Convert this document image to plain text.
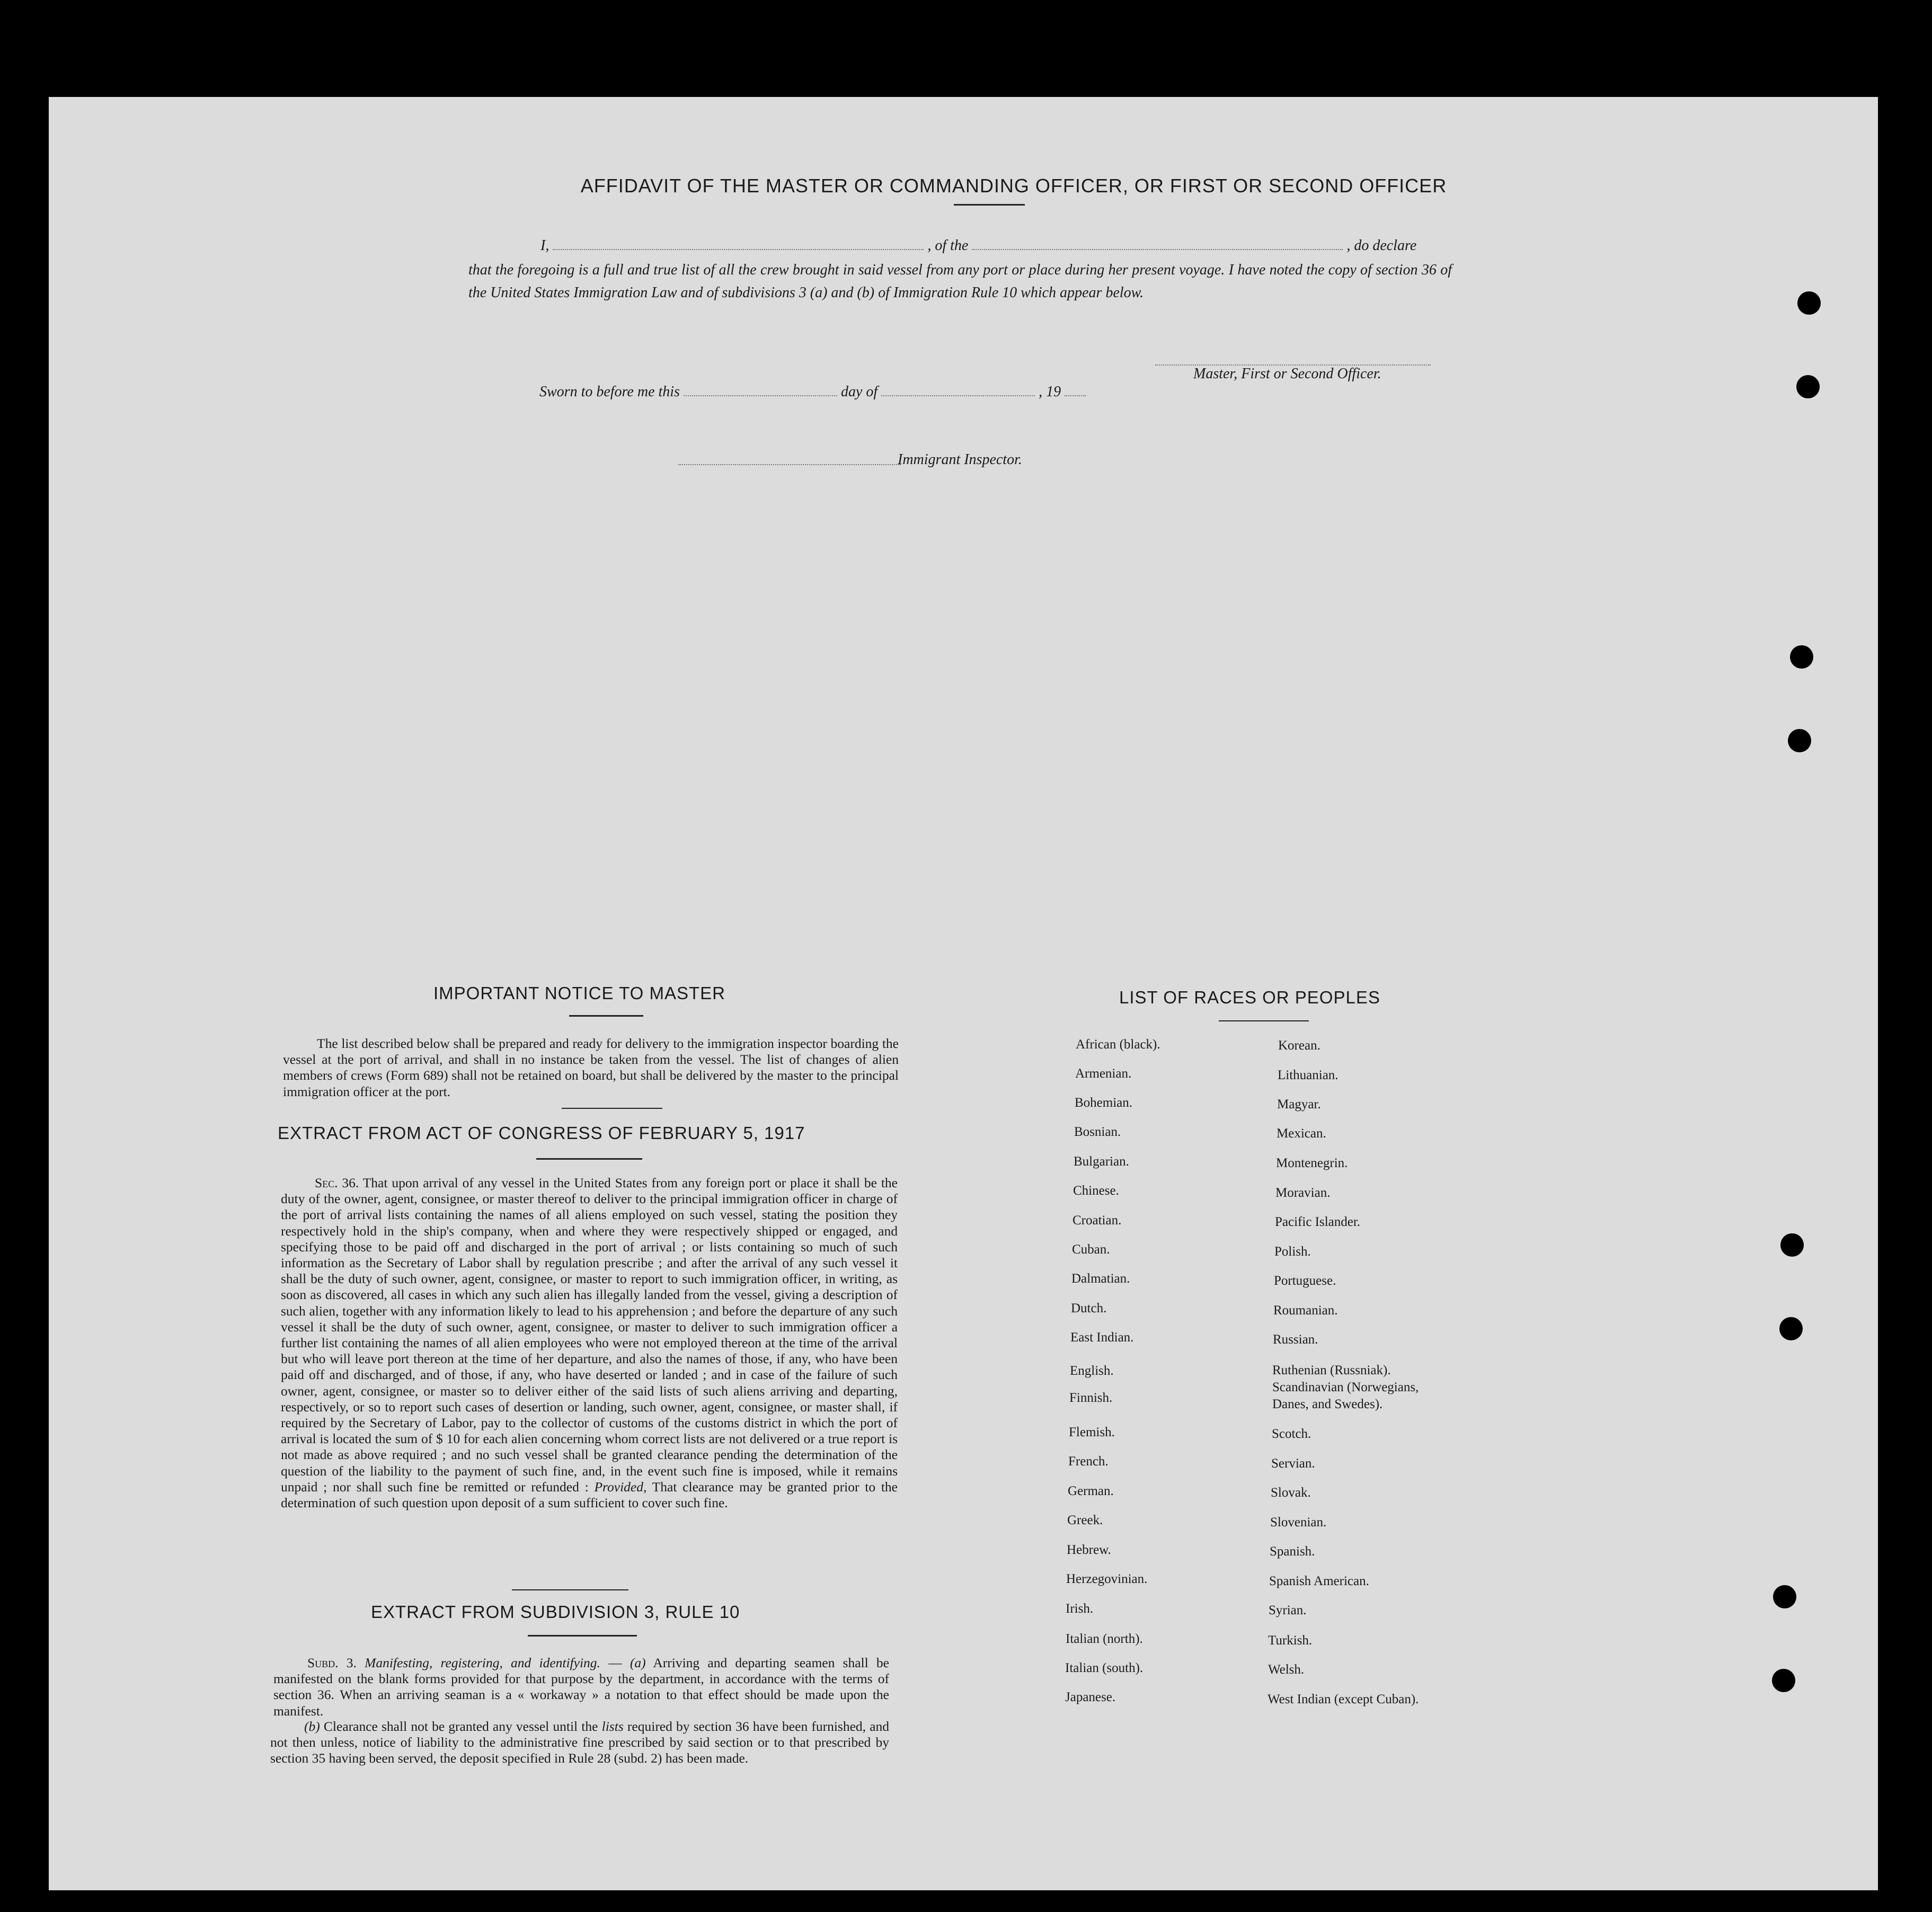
AFFIDAVIT OF THE MASTER OR COMMANDING OFFICER, OR FIRST OR SECOND OFFICER
I,	, of the	, do declare
that the foregoing is a full and true list of all the crew brought in said vessel from any port or place during her present voyage. I have noted the copy of section 36 of the United States Immigration Law and of subdivisions 3 (a) and (b) of Immigration Rule 10 which appear below.
Master, First or Second Officer.
Sworn to before me this	day of	, 19
Immigrant Inspector.
IMPORTANT NOTICE TO MASTER
The list described below shall be prepared and ready for delivery to the immigration inspector boarding the vessel at the port of arrival, and shall in no instance be taken from the vessel. The list of changes of alien members of crews (Form 689) shall not be retained on board, but shall be delivered by the master to the principal immigration officer at the port.
EXTRACT FROM ACT OF CONGRESS OF FEBRUARY 5, 1917
Sec. 36. That upon arrival of any vessel in the United States from any foreign port or place it shall be the duty of the owner, agent, consignee, or master thereof to deliver to the principal immigration officer in charge of the port of arrival lists containing the names of all aliens employed on such vessel, stating the position they respectively hold in the ship's company, when and where they were respectively shipped or engaged, and specifying those to be paid off and discharged in the port of arrival ; or lists containing so much of such information as the Secretary of Labor shall by regulation prescribe ; and after the arrival of any such vessel it shall be the duty of such owner, agent, consignee, or master to report to such immigration officer, in writing, as soon as discovered, all cases in which any such alien has illegally landed from the vessel, giving a description of such alien, together with any information likely to lead to his apprehension ; and before the departure of any such vessel it shall be the duty of such owner, agent, consignee, or master to deliver to such immigration officer a further list containing the names of all alien employees who were not employed thereon at the time of the arrival but who will leave port thereon at the time of her departure, and also the names of those, if any, who have been paid off and discharged, and of those, if any, who have deserted or landed ; and in case of the failure of such owner, agent, consignee, or master so to deliver either of the said lists of such aliens arriving and departing, respectively, or so to report such cases of desertion or landing, such owner, agent, consignee, or master shall, if required by the Secretary of Labor, pay to the collector of customs of the customs district in which the port of arrival is located the sum of $ 10 for each alien concerning whom correct lists are not delivered or a true report is not made as above required ; and no such vessel shall be granted clearance pending the determination of the question of the liability to the payment of such fine, and, in the event such fine is imposed, while it remains unpaid ; nor shall such fine be remitted or refunded : Provided, That clearance may be granted prior to the determination of such question upon deposit of a sum sufficient to cover such fine.
EXTRACT FROM SUBDIVISION 3, RULE 10
Subd. 3. Manifesting, registering, and identifying. — (a) Arriving and departing seamen shall be manifested on the blank forms provided for that purpose by the department, in accordance with the terms of section 36. When an arriving seaman is a « workaway » a notation to that effect should be made upon the manifest.
(b) Clearance shall not be granted any vessel until the lists required by section 36 have been furnished, and not then unless, notice of liability to the administrative fine prescribed by said section or to that prescribed by section 35 having been served, the deposit specified in Rule 28 (subd. 2) has been made.
LIST OF RACES OR PEOPLES
African (black).
Armenian.
Bohemian.
Bosnian.
Bulgarian.
Chinese.
Croatian.
Cuban.
Dalmatian.
Dutch.
East Indian.
English.
Finnish.
Flemish.
French.
German.
Greek.
Hebrew.
Herzegovinian.
Irish.
Italian (north).
Italian (south).
Japanese.
Korean.
Lithuanian.
Magyar.
Mexican.
Montenegrin.
Moravian.
Pacific Islander.
Polish.
Portuguese.
Roumanian.
Russian.
Ruthenian (Russniak).
Scandinavian (Norwegians,
Danes, and Swedes).
Scotch.
Servian.
Slovak.
Slovenian.
Spanish.
Spanish American.
Syrian.
Turkish.
Welsh.
West Indian (except Cuban).
